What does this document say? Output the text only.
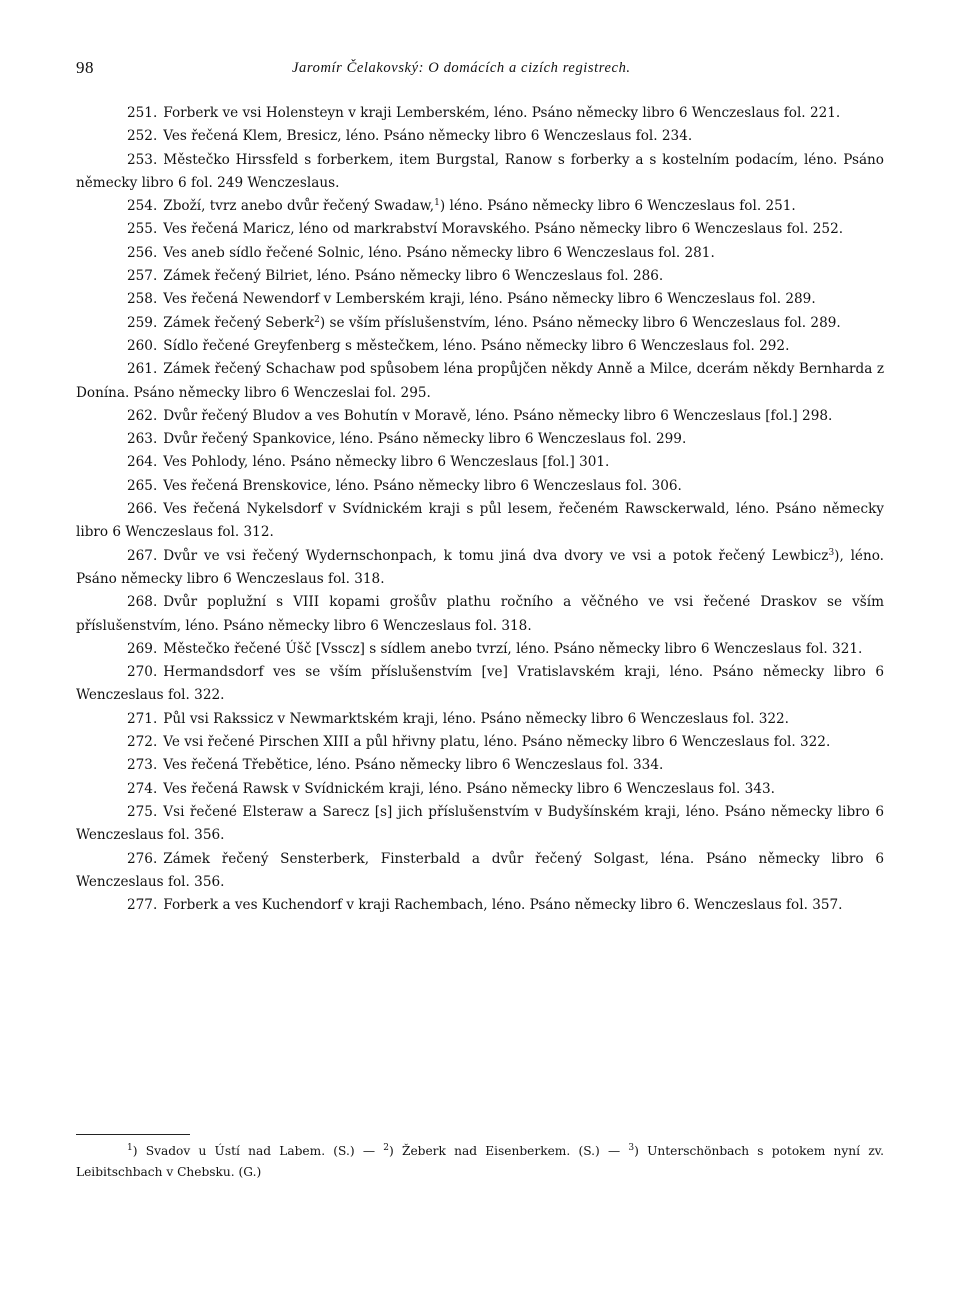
98	Jaromír Čelakovský: O domácích a cizích registrech.

251. Forberk ve vsi Holensteyn v kraji Lemberském, léno. Psáno německy libro 6 Wenczeslaus fol. 221.

252. Ves řečená Klem, Bresicz, léno. Psáno německy libro 6 Wenczeslaus fol. 234.

253. Městečko Hirssfeld s forberkem, item Burgstal, Ranow s forberky a s kostelním podacím, léno. Psáno německy libro 6 fol. 249 Wenczeslaus.

254. Zboží, tvrz anebo dvůr řečený Swadaw,$^1$) léno. Psáno německy libro 6 Wenczeslaus fol. 251.

255. Ves řečená Maricz, léno od markrabství Moravského. Psáno německy libro 6 Wenczeslaus fol. 252.

256. Ves aneb sídlo řečené Solnic, léno. Psáno německy libro 6 Wenczeslaus fol. 281.

257. Zámek řečený Bilriet, léno. Psáno německy libro 6 Wenczeslaus fol. 286.

258. Ves řečená Newendorf v Lemberském kraji, léno. Psáno německy libro 6 Wenczeslaus fol. 289.

259. Zámek řečený Seberk$^2$) se vším příslušenstvím, léno. Psáno německy libro 6 Wenczeslaus fol. 289.

260. Sídlo řečené Greyfenberg s městečkem, léno. Psáno německy libro 6 Wenczeslaus fol. 292.

261. Zámek řečený Schachaw pod spůsobem léna propůjčen někdy Anně a Milce, dcerám někdy Bernharda z Donína. Psáno německy libro 6 Wenczeslai fol. 295.

262. Dvůr řečený Bludov a ves Bohutín v Moravě, léno. Psáno německy libro 6 Wenczeslaus [fol.] 298.

263. Dvůr řečený Spankovice, léno. Psáno německy libro 6 Wenczeslaus fol. 299.

264. Ves Pohlody, léno. Psáno německy libro 6 Wenczeslaus [fol.] 301.

265. Ves řečená Brenskovice, léno. Psáno německy libro 6 Wenczeslaus fol. 306.

266. Ves řečená Nykelsdorf v Svídnickém kraji s půl lesem, řečeném Rawsckerwald, léno. Psáno německy libro 6 Wenczeslaus fol. 312.

267. Dvůr ve vsi řečený Wydernschonpach, k tomu jiná dva dvory ve vsi a potok řečený Lewbicz$^3$), léno. Psáno německy libro 6 Wenczeslaus fol. 318.

268. Dvůr poplužní s VIII kopami grošův plathu ročního a věčného ve vsi řečené Draskov se vším příslušenstvím, léno. Psáno německy libro 6 Wenczeslaus fol. 318.

269. Městečko řečené Úšč [Vsscz] s sídlem anebo tvrzí, léno. Psáno německy libro 6 Wenczeslaus fol. 321.

270. Hermandsdorf ves se vším příslušenstvím [ve] Vratislavském kraji, léno. Psáno německy libro 6 Wenczeslaus fol. 322.

271. Půl vsi Rakssicz v Newmarktském kraji, léno. Psáno německy libro 6 Wenczeslaus fol. 322.

272. Ve vsi řečené Pirschen XIII a půl hřivny platu, léno. Psáno německy libro 6 Wenczeslaus fol. 322.

273. Ves řečená Třebětice, léno. Psáno německy libro 6 Wenczeslaus fol. 334.

274. Ves řečená Rawsk v Svídnickém kraji, léno. Psáno německy libro 6 Wenczeslaus fol. 343.

275. Vsi řečené Elsteraw a Sarecz [s] jich příslušenstvím v Budyšínském kraji, léno. Psáno německy libro 6 Wenczeslaus fol. 356.

276. Zámek řečený Sensterberk, Finsterbald a dvůr řečený Solgast, léna. Psáno německy libro 6 Wenczeslaus fol. 356.

277. Forberk a ves Kuchendorf v kraji Rachembach, léno. Psáno německy libro 6. Wenczeslaus fol. 357.

$^1$) Svadov u Ústí nad Labem. (S.) — $^2$) Žeberk nad Eisenberkem. (S.) — $^3$) Unterschönbach s potokem nyní zv. Leibitschbach v Chebsku. (G.)
